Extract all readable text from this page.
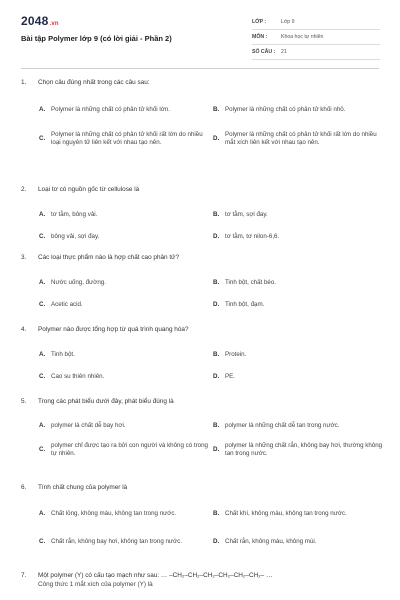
2048.vn
Bài tập Polymer lớp 9 (có lời giải - Phần 2)
LỚP :	Lớp 9
MÔN :	Khoa học tự nhiên
SỐ CÂU :	21
1.	Chọn câu đúng nhất trong các câu sau:
A. Polymer là những chất có phân tử khối lớn.	B. Polymer là những chất có phân tử khối nhỏ.
C.
Polymer là những chất có phân tử khối rất lớn do nhiều loại nguyên tử liên kết với nhau tạo nên.
D.
Polymer là những chất có phân tử khối rất lớn do nhiều mắt xích liên kết với nhau tạo nên.
2.	Loại tơ có nguồn gốc từ cellulose là
A. tơ tằm, bông vải.	B. tơ tằm, sợi đay.
C. bông vải, sợi đay.	D. tơ tằm, tơ nilon-6,6.
3.	Các loại thực phẩm nào là hợp chất cao phân tử?
A. Nước uống, đường.	B. Tinh bột, chất béo.
C. Acetic acid.	D. Tinh bột, đạm.
4.	Polymer nào được tổng hợp từ quá trình quang hóa?
A. Tinh bột.	B. Protein.
C. Cao su thiên nhiên.	D. PE.
5.	Trong các phát biểu dưới đây, phát biểu đúng là
A. polymer là chất dễ bay hơi.	B. polymer là những chất dễ tan trong nước.
C.
polymer chỉ được tạo ra bởi con người và không có trong tự nhiên.
D.
polymer là những chất rắn, không bay hơi, thường không tan trong nước.
6.	Tính chất chung của polymer là
A. Chất lỏng, không màu, không tan trong nước.	B. Chất khí, không màu, không tan trong nước.
C. Chất rắn, không bay hơi, không tan trong nước.	D. Chất rắn, không màu, không mùi.
7.	Một polymer (Y) có cấu tạo mạch như sau: … –CH₂–CH₂–CH₂–CH₂–CH₂–CH₂– …
Công thức 1 mắt xích của polymer (Y) là
